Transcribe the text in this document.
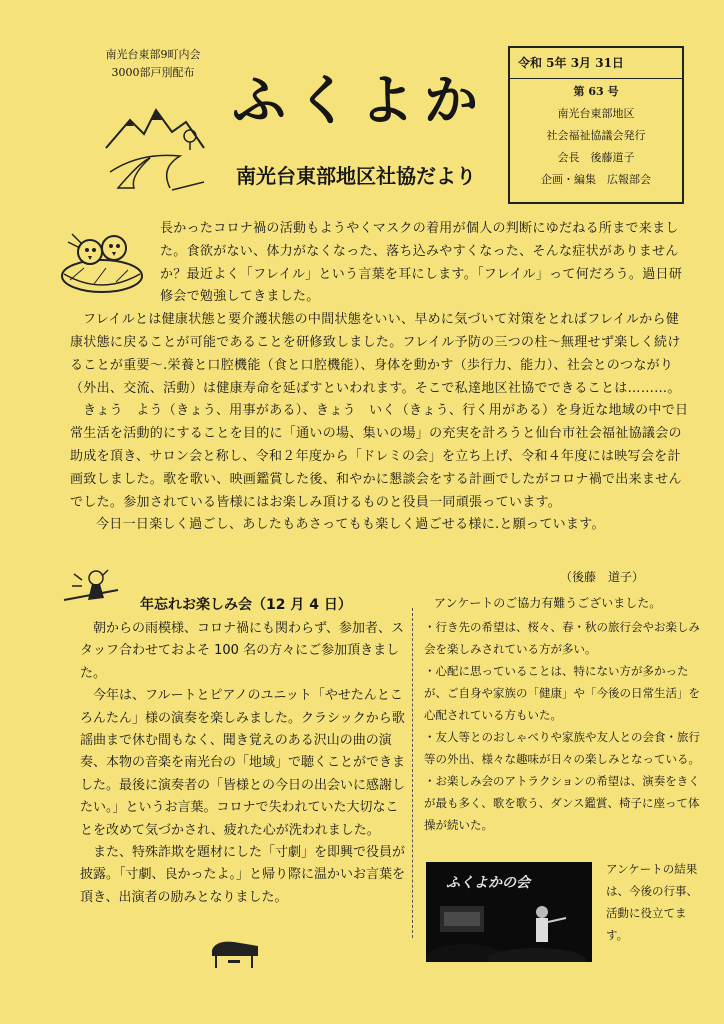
南光台東部9町内会
3000部戸別配布 ふくよか
南光台東部地区社協だより
令和 5年 3月 31日
第 63 号
南光台東部地区
社会福祉協議会発行
会長　後藤道子
企画・編集　広報部会

長かったコロナ禍の活動もようやくマスクの着用が個人の判断にゆだねる所まで来ました。食欲がない、体力がなくなった、落ち込みやすくなった、そんな症状がありませんか？最近よく「フレイル」という言葉を耳にします。「フレイル」って何だろう。過日研修会で勉強してきました。

フレイルとは健康状態と要介護状態の中間状態をいい、早めに気づいて対策をとればフレイルから健康状態に戻ることが可能であることを研修致しました。フレイル予防の三つの柱～無理せず楽しく続けることが重要～.栄養と口腔機能（食と口腔機能）、身体を動かす（歩行力、能力）、社会とのつながり（外出、交流、活動）は健康寿命を延ばすといわれます。そこで私達地区社協でできることは………。

きょう　よう（きょう、用事がある）、きょう　いく（きょう、行く用がある）を身近な地域の中で日常生活を活動的にすることを目的に「通いの場、集いの場」の充実を計ろうと仙台市社会福祉協議会の助成を頂き、サロン会と称し、令和２年度から「ドレミの会」を立ち上げ、令和４年度には映写会を計画致しました。歌を歌い、映画鑑賞した後、和やかに懇談会をする計画でしたがコロナ禍で出来ませんでした。参加されている皆様にはお楽しみ頂けるものと役員一同頑張っています。

今日一日楽しく過ごし、あしたもあさってもも楽しく過ごせる様に.と願っています。

（後藤　道子）
年忘れお楽しみ会（12 月 4 日）

朝からの雨模様、コロナ禍にも関わらず、参加者、スタッフ合わせておよそ 100 名の方々にご参加頂きました。

今年は、フルートとピアノのユニット「やせたんところんたん」様の演奏を楽しみました。クラシックから歌謡曲まで休む間もなく、聞き覚えのある沢山の曲の演奏、本物の音楽を南光台の「地域」で聴くことができました。最後に演奏者の「皆様との今日の出会いに感謝したい。」というお言葉。コロナで失われていた大切なことを改めて気づかされ、疲れた心が洗われました。

また、特殊詐欺を題材にした「寸劇」を即興で役員が披露。「寸劇、良かったよ。」と帰り際に温かいお言葉を頂き、出演者の励みとなりました。

アンケートのご協力有難うございました。

・行き先の希望は、桜々、春・秋の旅行会やお楽しみ会を楽しみされている方が多い。

・心配に思っていることは、特にない方が多かったが、ご自身や家族の「健康」や「今後の日常生活」を心配されている方もいた。

・友人等とのおしゃべりや家族や友人との会食・旅行等の外出、様々な趣味が日々の楽しみとなっている。

・お楽しみ会のアトラクションの希望は、演奏をきくが最も多く、歌を歌う、ダンス鑑賞、椅子に座って体操が続いた。

ふくよかの会
アンケートの結果は、今後の行事、活動に役立てます。
